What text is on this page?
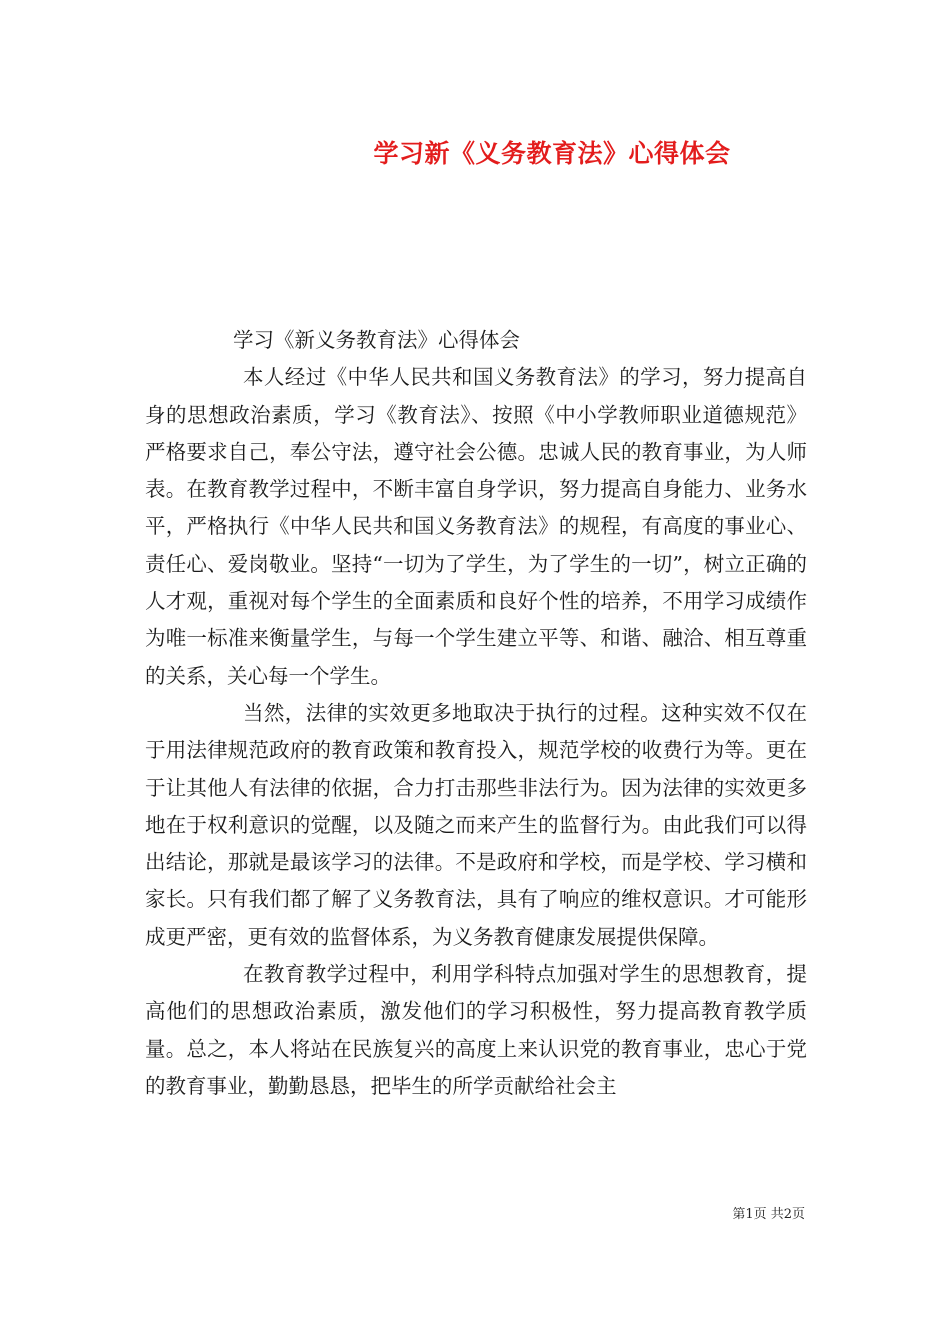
学习新《义务教育法》心得体会

学习《新义务教育法》心得体会

本人经过《中华人民共和国义务教育法》的学习，努力提高自身的思想政治素质，学习《教育法》、按照《中小学教师职业道德规范》严格要求自己，奉公守法，遵守社会公德。忠诚人民的教育事业，为人师表。在教育教学过程中，不断丰富自身学识，努力提高自身能力、业务水平，严格执行《中华人民共和国义务教育法》的规程，有高度的事业心、责任心、爱岗敬业。坚持“一切为了学生，为了学生的一切”，树立正确的人才观，重视对每个学生的全面素质和良好个性的培养，不用学习成绩作为唯一标准来衡量学生，与每一个学生建立平等、和谐、融洽、相互尊重的关系，关心每一个学生。

当然，法律的实效更多地取决于执行的过程。这种实效不仅在于用法律规范政府的教育政策和教育投入，规范学校的收费行为等。更在于让其他人有法律的依据，合力打击那些非法行为。因为法律的实效更多地在于权利意识的觉醒，以及随之而来产生的监督行为。由此我们可以得出结论，那就是最该学习的法律。不是政府和学校，而是学校、学习横和家长。只有我们都了解了义务教育法，具有了响应的维权意识。才可能形成更严密，更有效的监督体系，为义务教育健康发展提供保障。

在教育教学过程中，利用学科特点加强对学生的思想教育，提高他们的思想政治素质，激发他们的学习积极性，努力提高教育教学质量。总之，本人将站在民族复兴的高度上来认识党的教育事业，忠心于党的教育事业，勤勤恳恳，把毕生的所学贡献给社会主

第1页 共2页
